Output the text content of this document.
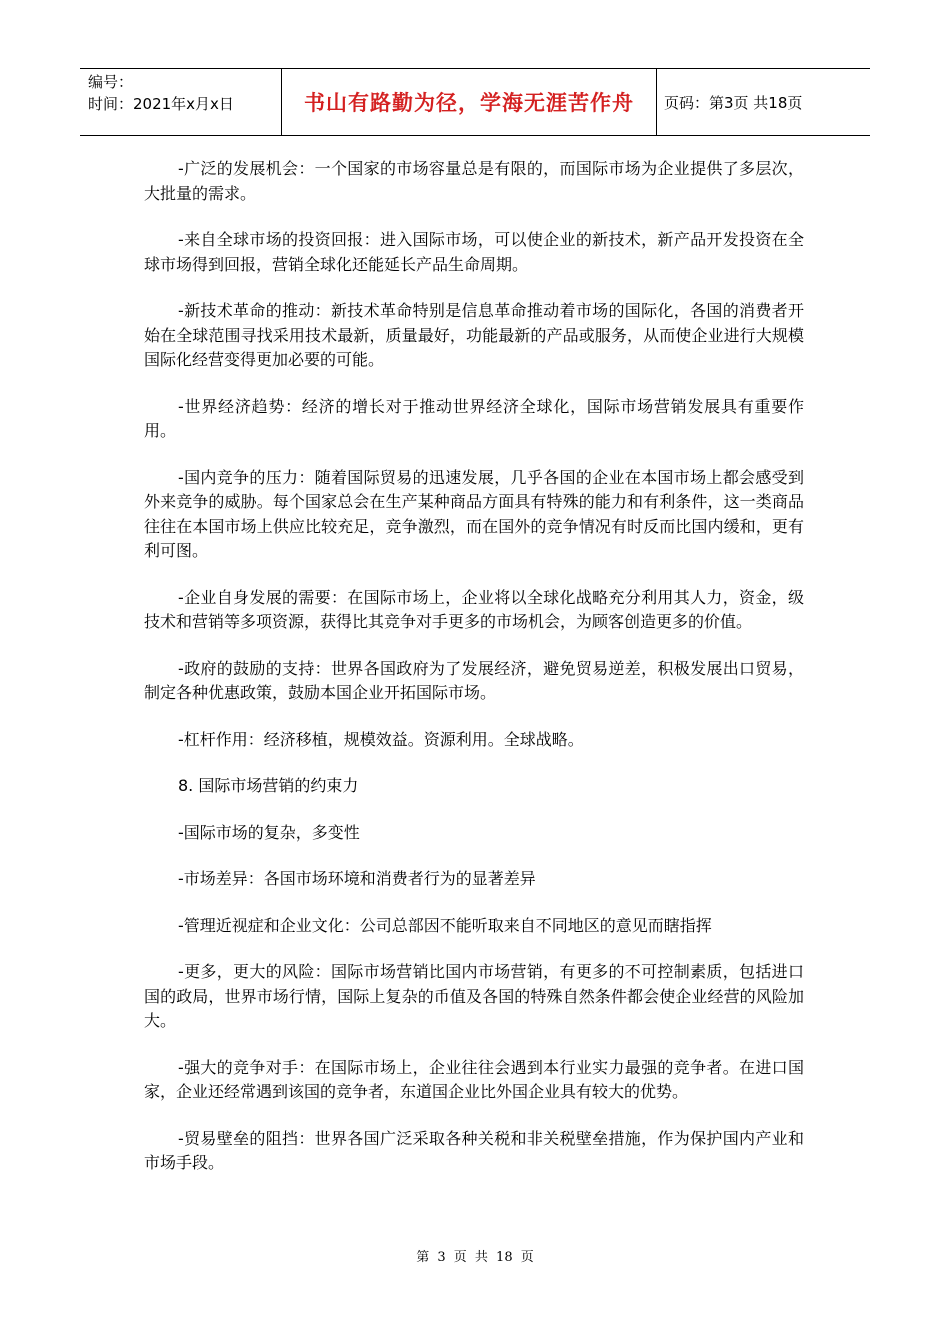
编号：
时间：2021年x月x日	书山有路勤为径，学海无涯苦作舟	页码：第3页 共18页

-广泛的发展机会：一个国家的市场容量总是有限的，而国际市场为企业提供了多层次，大批量的需求。

-来自全球市场的投资回报：进入国际市场，可以使企业的新技术，新产品开发投资在全球市场得到回报，营销全球化还能延长产品生命周期。

-新技术革命的推动：新技术革命特别是信息革命推动着市场的国际化，各国的消费者开始在全球范围寻找采用技术最新，质量最好，功能最新的产品或服务，从而使企业进行大规模国际化经营变得更加必要的可能。

-世界经济趋势：经济的增长对于推动世界经济全球化，国际市场营销发展具有重要作用。

-国内竞争的压力：随着国际贸易的迅速发展，几乎各国的企业在本国市场上都会感受到外来竞争的威胁。每个国家总会在生产某种商品方面具有特殊的能力和有利条件，这一类商品往往在本国市场上供应比较充足，竞争激烈，而在国外的竞争情况有时反而比国内缓和，更有利可图。

-企业自身发展的需要：在国际市场上，企业将以全球化战略充分利用其人力，资金，级技术和营销等多项资源，获得比其竞争对手更多的市场机会，为顾客创造更多的价值。

-政府的鼓励的支持：世界各国政府为了发展经济，避免贸易逆差，积极发展出口贸易，制定各种优惠政策，鼓励本国企业开拓国际市场。

-杠杆作用：经济移植，规模效益。资源利用。全球战略。

8. 国际市场营销的约束力

-国际市场的复杂，多变性

-市场差异：各国市场环境和消费者行为的显著差异

-管理近视症和企业文化：公司总部因不能听取来自不同地区的意见而瞎指挥

-更多，更大的风险：国际市场营销比国内市场营销，有更多的不可控制素质，包括进口国的政局，世界市场行情，国际上复杂的币值及各国的特殊自然条件都会使企业经营的风险加大。

-强大的竞争对手：在国际市场上，企业往往会遇到本行业实力最强的竞争者。在进口国家，企业还经常遇到该国的竞争者，东道国企业比外国企业具有较大的优势。

-贸易壁垒的阻挡：世界各国广泛采取各种关税和非关税壁垒措施，作为保护国内产业和市场手段。

第 3 页 共 18 页
